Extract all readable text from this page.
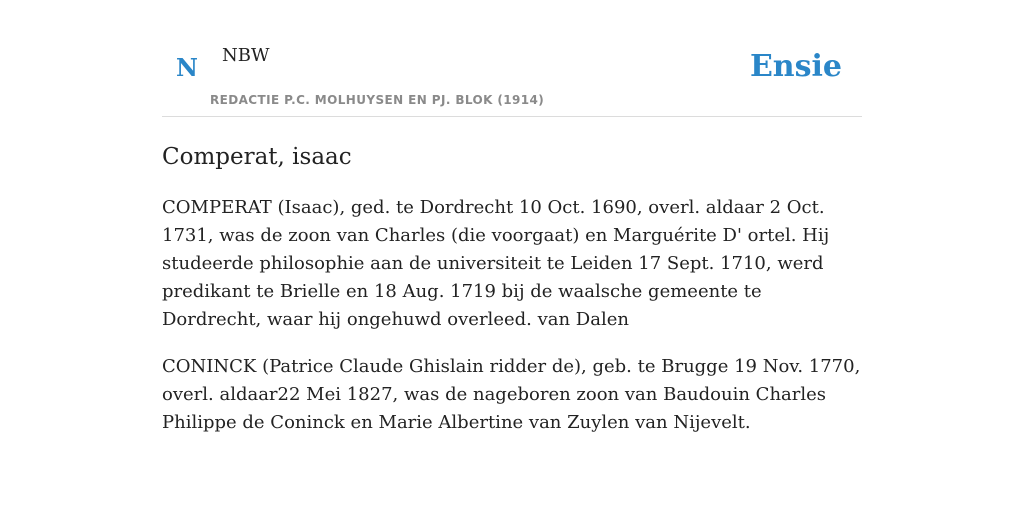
N NBW
REDACTIE P.C. MOLHUYSEN EN PJ. BLOK (1914)
Ensie
Comperat, isaac

COMPERAT (Isaac), ged. te Dordrecht 10 Oct. 1690, overl. aldaar 2 Oct. 1731, was de zoon van Charles (die voorgaat) en Marguérite D' ortel. Hij studeerde philosophie aan de universiteit te Leiden 17 Sept. 1710, werd predikant te Brielle en 18 Aug. 1719 bij de waalsche gemeente te Dordrecht, waar hij ongehuwd overleed. van Dalen

CONINCK (Patrice Claude Ghislain ridder de), geb. te Brugge 19 Nov. 1770, overl. aldaar22 Mei 1827, was de nageboren zoon van Baudouin Charles Philippe de Coninck en Marie Albertine van Zuylen van Nijevelt.
